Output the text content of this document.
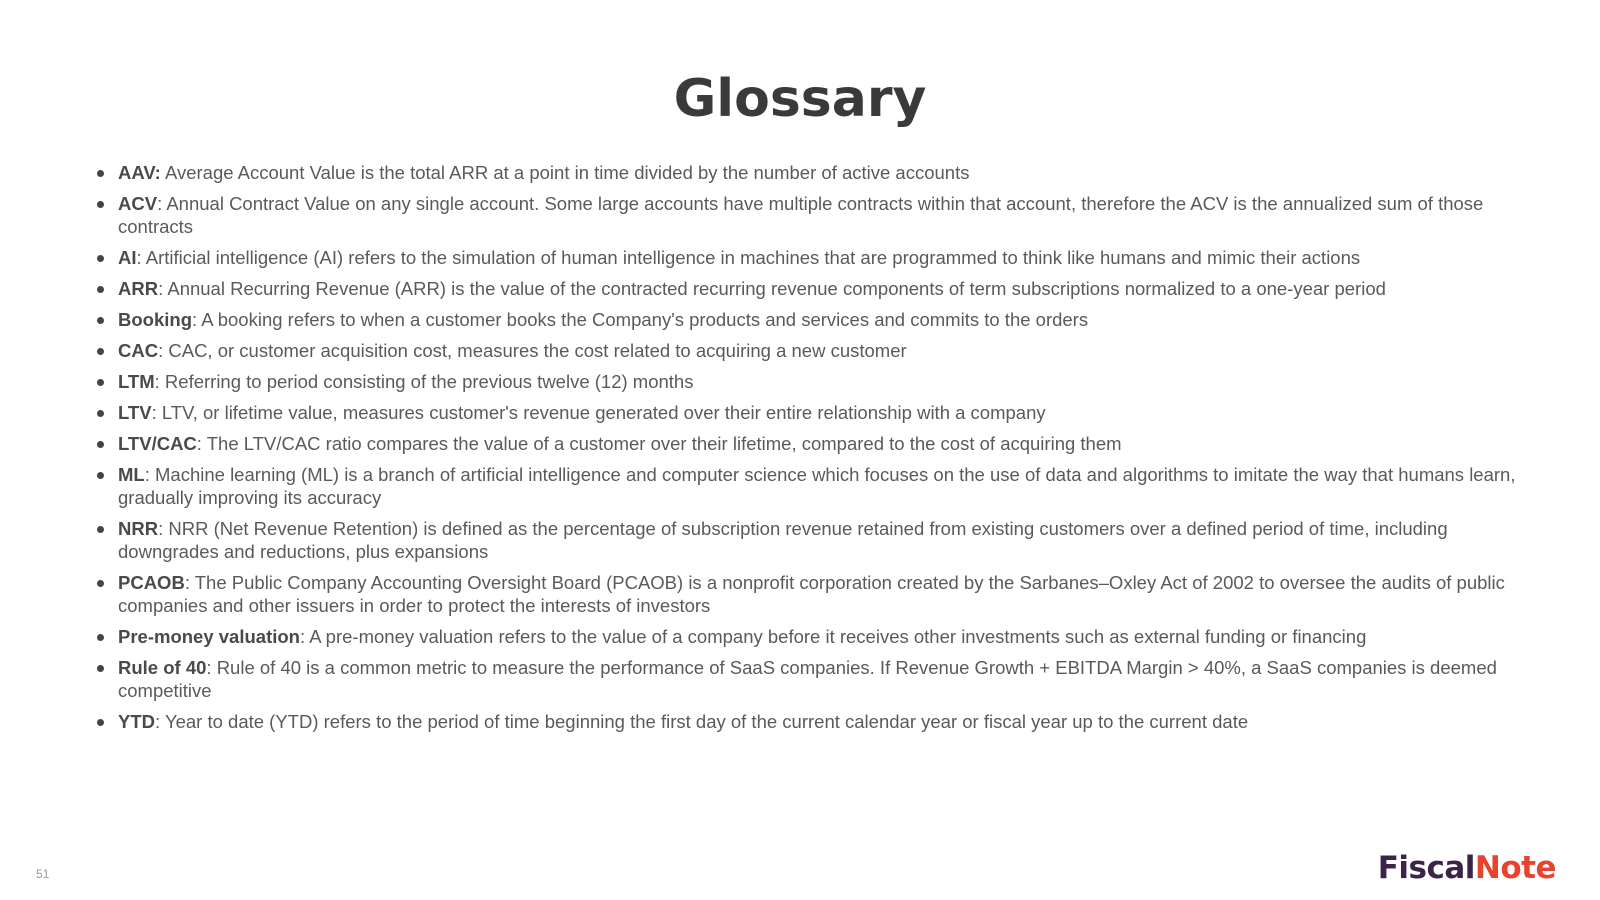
Glossary
AAV: Average Account Value is the total ARR at a point in time divided by the number of active accounts
ACV: Annual Contract Value on any single account. Some large accounts have multiple contracts within that account, therefore the ACV is the annualized sum of those contracts
AI: Artificial intelligence (AI) refers to the simulation of human intelligence in machines that are programmed to think like humans and mimic their actions
ARR: Annual Recurring Revenue (ARR) is the value of the contracted recurring revenue components of term subscriptions normalized to a one-year period
Booking: A booking refers to when a customer books the Company's products and services and commits to the orders
CAC: CAC, or customer acquisition cost, measures the cost related to acquiring a new customer
LTM: Referring to period consisting of the previous twelve (12) months
LTV: LTV, or lifetime value, measures customer's revenue generated over their entire relationship with a company
LTV/CAC: The LTV/CAC ratio compares the value of a customer over their lifetime, compared to the cost of acquiring them
ML: Machine learning (ML) is a branch of artificial intelligence and computer science which focuses on the use of data and algorithms to imitate the way that humans learn, gradually improving its accuracy
NRR: NRR (Net Revenue Retention) is defined as the percentage of subscription revenue retained from existing customers over a defined period of time, including downgrades and reductions, plus expansions
PCAOB: The Public Company Accounting Oversight Board (PCAOB) is a nonprofit corporation created by the Sarbanes–Oxley Act of 2002 to oversee the audits of public companies and other issuers in order to protect the interests of investors
Pre-money valuation: A pre-money valuation refers to the value of a company before it receives other investments such as external funding or financing
Rule of 40: Rule of 40 is a common metric to measure the performance of SaaS companies. If Revenue Growth + EBITDA Margin > 40%, a SaaS companies is deemed competitive
YTD: Year to date (YTD) refers to the period of time beginning the first day of the current calendar year or fiscal year up to the current date
51	FiscalNote
